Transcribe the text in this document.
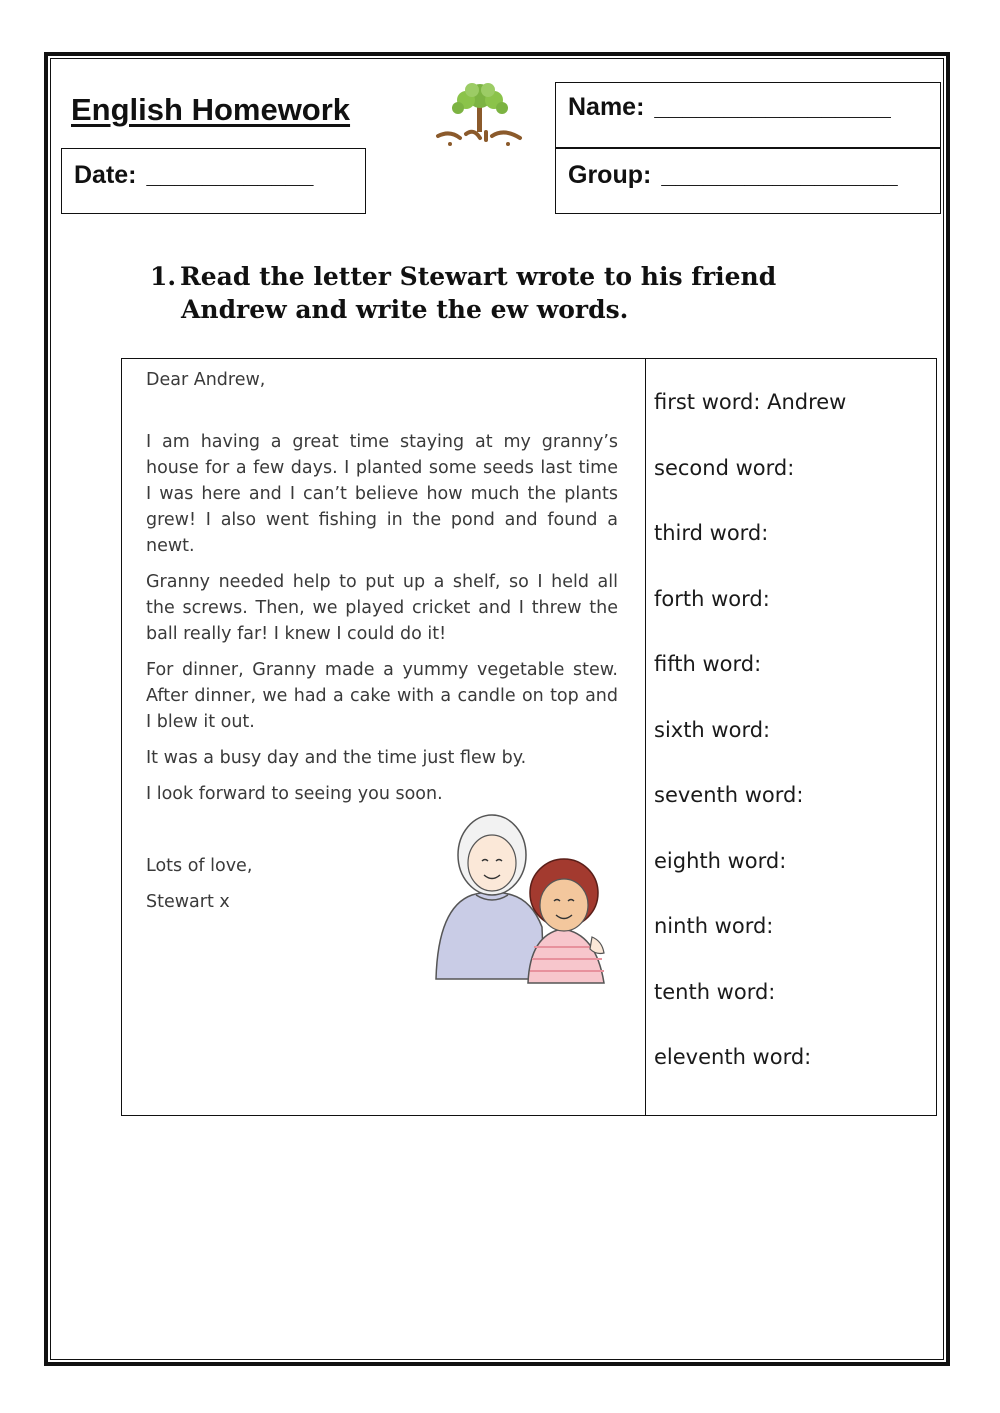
English Homework	Name: _________________
Date: ____________	Group: _________________
1. Read the letter Stewart wrote to his friend
Andrew and write the ew words.

Dear Andrew,

I am having a great time staying at my granny’s house for a few days. I planted some seeds last time I was here and I can’t believe how much the plants grew! I also went fishing in the pond and found a newt.

Granny needed help to put up a shelf, so I held all the screws. Then, we played cricket and I threw the ball really far! I knew I could do it!

For dinner, Granny made a yummy vegetable stew. After dinner, we had a cake with a candle on top and I blew it out.

It was a busy day and the time just flew by.

I look forward to seeing you soon.

Lots of love,

Stewart x

first word: Andrew
second word:
third word:
forth word:
fifth word:
sixth word:
seventh word:
eighth word:
ninth word:
tenth word:
eleventh word:
